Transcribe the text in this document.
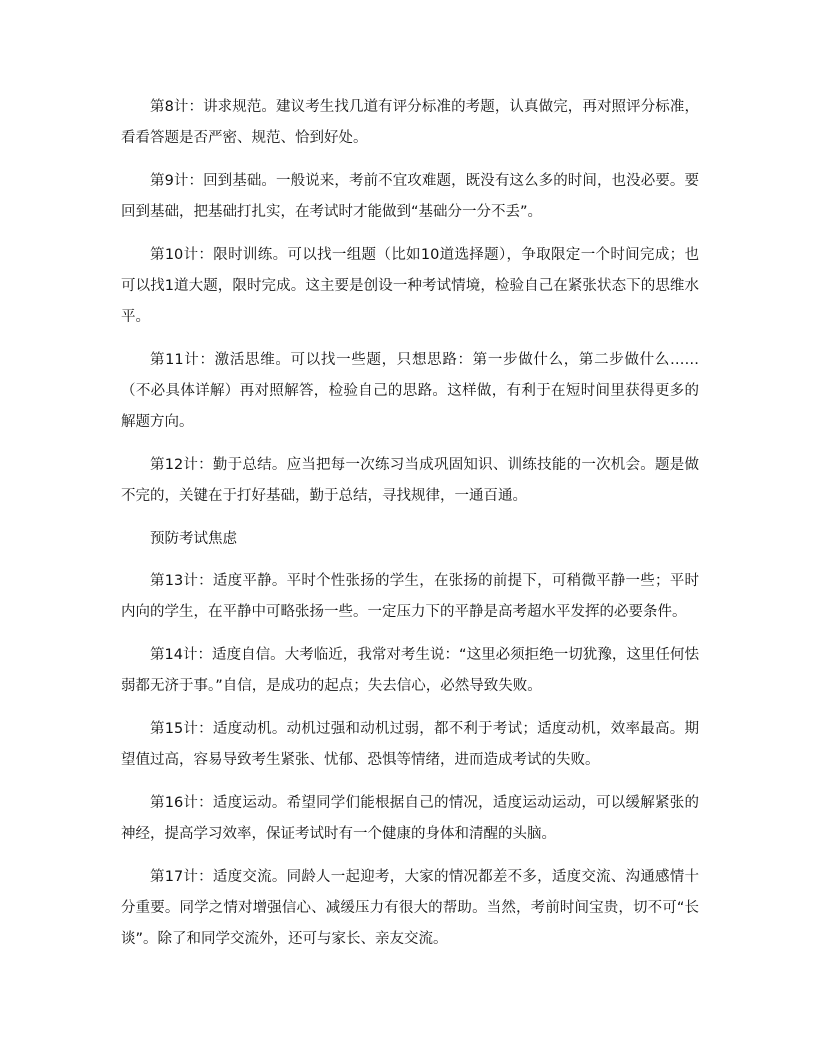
第8计：讲求规范。建议考生找几道有评分标准的考题，认真做完，再对照评分标准，看看答题是否严密、规范、恰到好处。

第9计：回到基础。一般说来，考前不宜攻难题，既没有这么多的时间，也没必要。要回到基础，把基础打扎实，在考试时才能做到“基础分一分不丢”。

第10计：限时训练。可以找一组题（比如10道选择题），争取限定一个时间完成；也可以找1道大题，限时完成。这主要是创设一种考试情境，检验自己在紧张状态下的思维水平。

第11计：激活思维。可以找一些题，只想思路：第一步做什么，第二步做什么……（不必具体详解）再对照解答，检验自己的思路。这样做，有利于在短时间里获得更多的解题方向。

第12计：勤于总结。应当把每一次练习当成巩固知识、训练技能的一次机会。题是做不完的，关键在于打好基础，勤于总结，寻找规律，一通百通。

预防考试焦虑

第13计：适度平静。平时个性张扬的学生，在张扬的前提下，可稍微平静一些；平时内向的学生，在平静中可略张扬一些。一定压力下的平静是高考超水平发挥的必要条件。

第14计：适度自信。大考临近，我常对考生说：“这里必须拒绝一切犹豫，这里任何怯弱都无济于事。”自信，是成功的起点；失去信心，必然导致失败。

第15计：适度动机。动机过强和动机过弱，都不利于考试；适度动机，效率最高。期望值过高，容易导致考生紧张、忧郁、恐惧等情绪，进而造成考试的失败。

第16计：适度运动。希望同学们能根据自己的情况，适度运动运动，可以缓解紧张的神经，提高学习效率，保证考试时有一个健康的身体和清醒的头脑。

第17计：适度交流。同龄人一起迎考，大家的情况都差不多，适度交流、沟通感情十分重要。同学之情对增强信心、减缓压力有很大的帮助。当然，考前时间宝贵，切不可“长谈”。除了和同学交流外，还可与家长、亲友交流。
